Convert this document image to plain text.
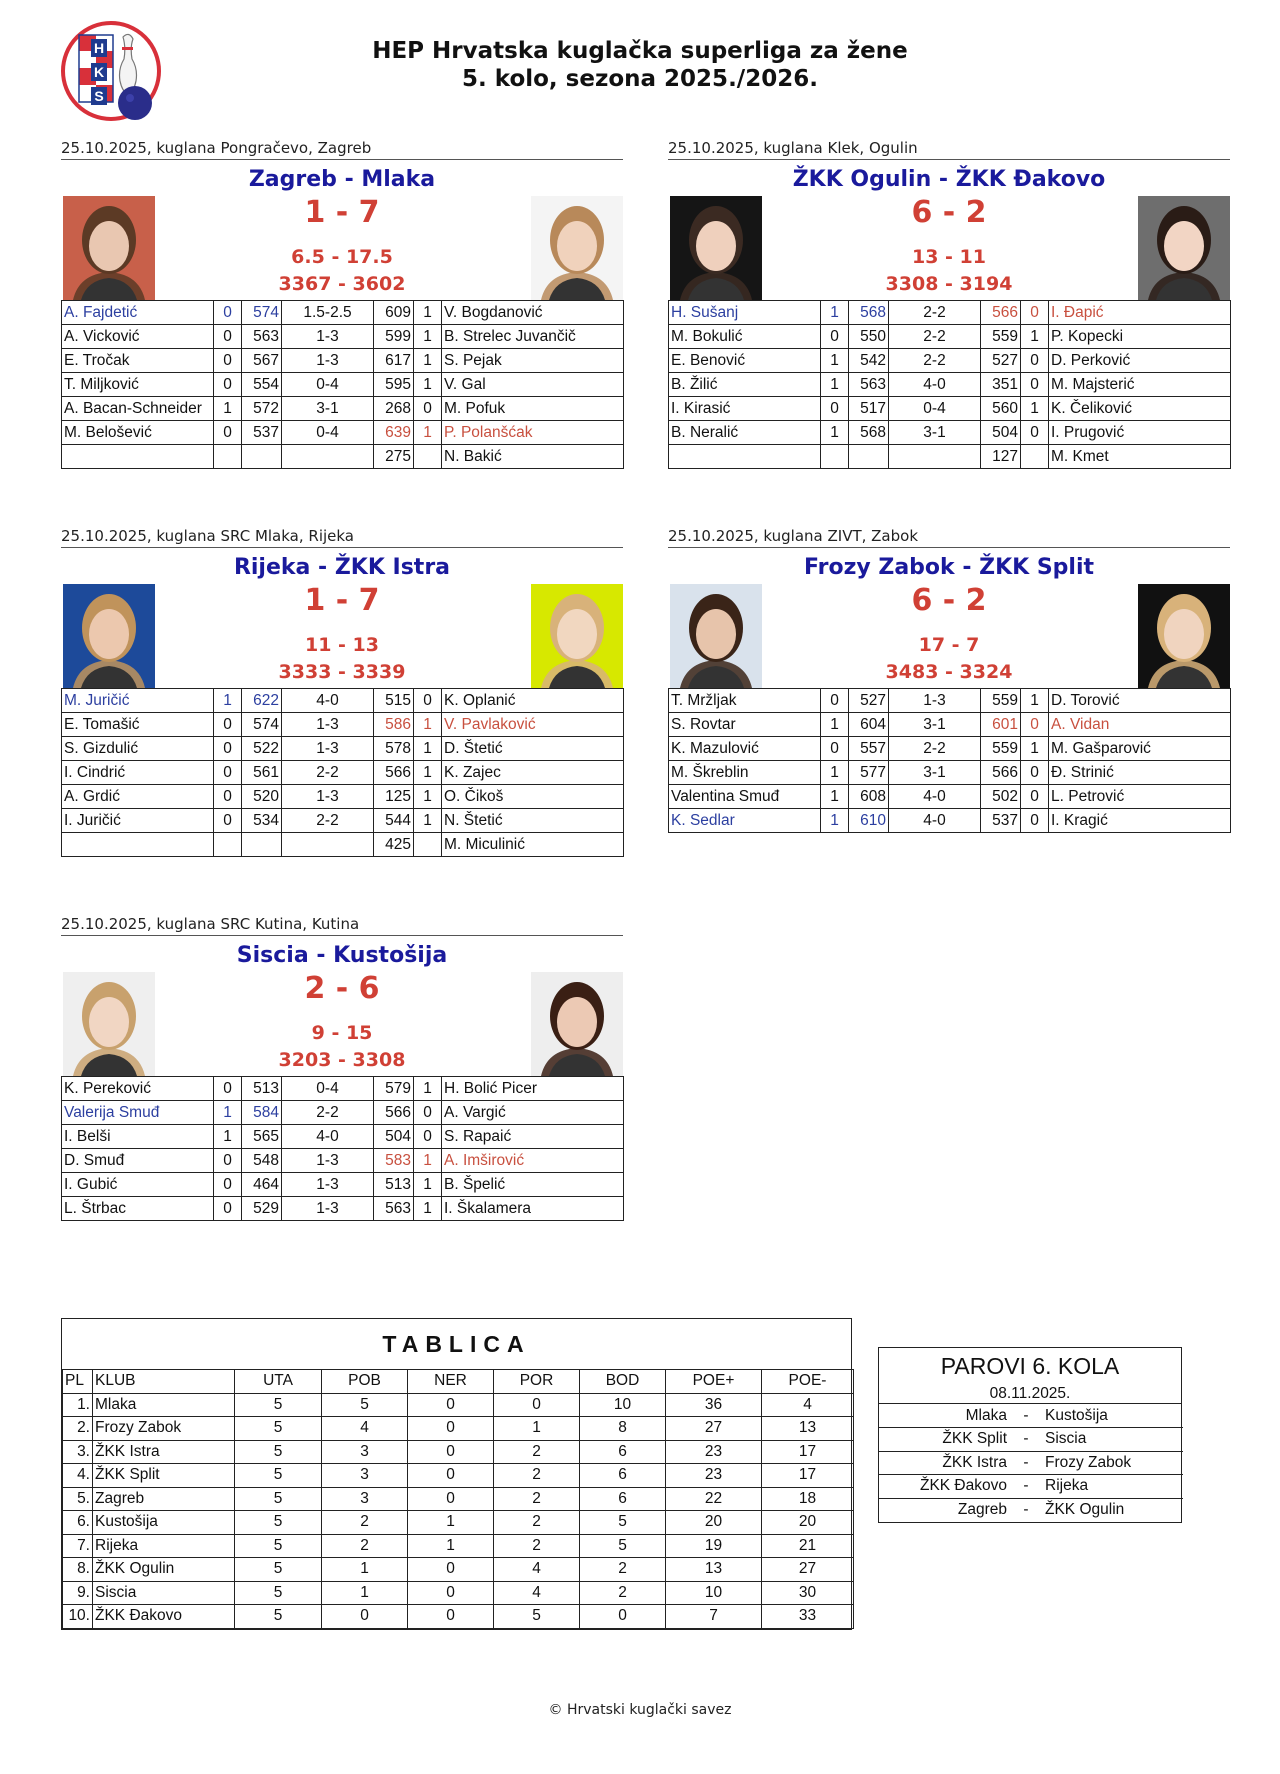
H
K
S
HEP Hrvatska kuglačka superliga za žene
5. kolo, sezona 2025./2026.
25.10.2025, kuglana Pongračevo, Zagreb
Zagreb - Mlaka
1 - 7
6.5 - 17.5
3367 - 3602
A. Fajdetić	0	574	1.5-2.5	609	1	V. Bogdanović
A. Vicković	0	563	1-3	599	1	B. Strelec Juvančič
E. Tročak	0	567	1-3	617	1	S. Pejak
T. Miljković	0	554	0-4	595	1	V. Gal
A. Bacan-Schneider	1	572	3-1	268	0	M. Pofuk
M. Belošević	0	537	0-4	639	1	P. Polanšćak
				275		N. Bakić
25.10.2025, kuglana Klek, Ogulin
ŽKK Ogulin - ŽKK Đakovo
6 - 2
13 - 11
3308 - 3194
H. Sušanj	1	568	2-2	566	0	I. Đapić
M. Bokulić	0	550	2-2	559	1	P. Kopecki
E. Benović	1	542	2-2	527	0	D. Perković
B. Žilić	1	563	4-0	351	0	M. Majsterić
I. Kirasić	0	517	0-4	560	1	K. Čeliković
B. Neralić	1	568	3-1	504	0	I. Prugović
				127		M. Kmet
25.10.2025, kuglana SRC Mlaka, Rijeka
Rijeka - ŽKK Istra
1 - 7
11 - 13
3333 - 3339
M. Juričić	1	622	4-0	515	0	K. Oplanić
E. Tomašić	0	574	1-3	586	1	V. Pavlaković
S. Gizdulić	0	522	1-3	578	1	D. Štetić
I. Cindrić	0	561	2-2	566	1	K. Zajec
A. Grdić	0	520	1-3	125	1	O. Čikoš
I. Juričić	0	534	2-2	544	1	N. Štetić
				425		M. Miculinić
25.10.2025, kuglana ZIVT, Zabok
Frozy Zabok - ŽKK Split
6 - 2
17 - 7
3483 - 3324
T. Mržljak	0	527	1-3	559	1	D. Torović
S. Rovtar	1	604	3-1	601	0	A. Vidan
K. Mazulović	0	557	2-2	559	1	M. Gašparović
M. Škreblin	1	577	3-1	566	0	Đ. Strinić
Valentina Smuđ	1	608	4-0	502	0	L. Petrović
K. Sedlar	1	610	4-0	537	0	I. Kragić
25.10.2025, kuglana SRC Kutina, Kutina
Siscia - Kustošija
2 - 6
9 - 15
3203 - 3308
K. Pereković	0	513	0-4	579	1	H. Bolić Picer
Valerija Smuđ	1	584	2-2	566	0	A. Vargić
I. Belši	1	565	4-0	504	0	S. Rapaić
D. Smuđ	0	548	1-3	583	1	A. Imširović
I. Gubić	0	464	1-3	513	1	B. Špelić
L. Štrbac	0	529	1-3	563	1	I. Škalamera
TABLICA
PL	KLUB	UTA	POB	NER	POR	BOD	POE+	POE-
1.	Mlaka	5	5	0	0	10	36	4
2.	Frozy Zabok	5	4	0	1	8	27	13
3.	ŽKK Istra	5	3	0	2	6	23	17
4.	ŽKK Split	5	3	0	2	6	23	17
5.	Zagreb	5	3	0	2	6	22	18
6.	Kustošija	5	2	1	2	5	20	20
7.	Rijeka	5	2	1	2	5	19	21
8.	ŽKK Ogulin	5	1	0	4	2	13	27
9.	Siscia	5	1	0	4	2	10	30
10.	ŽKK Đakovo	5	0	0	5	0	7	33
PAROVI 6. KOLA
08.11.2025.
Mlaka	-	Kustošija
ŽKK Split	-	Siscia
ŽKK Istra	-	Frozy Zabok
ŽKK Đakovo	-	Rijeka
Zagreb	-	ŽKK Ogulin
© Hrvatski kuglački savez
